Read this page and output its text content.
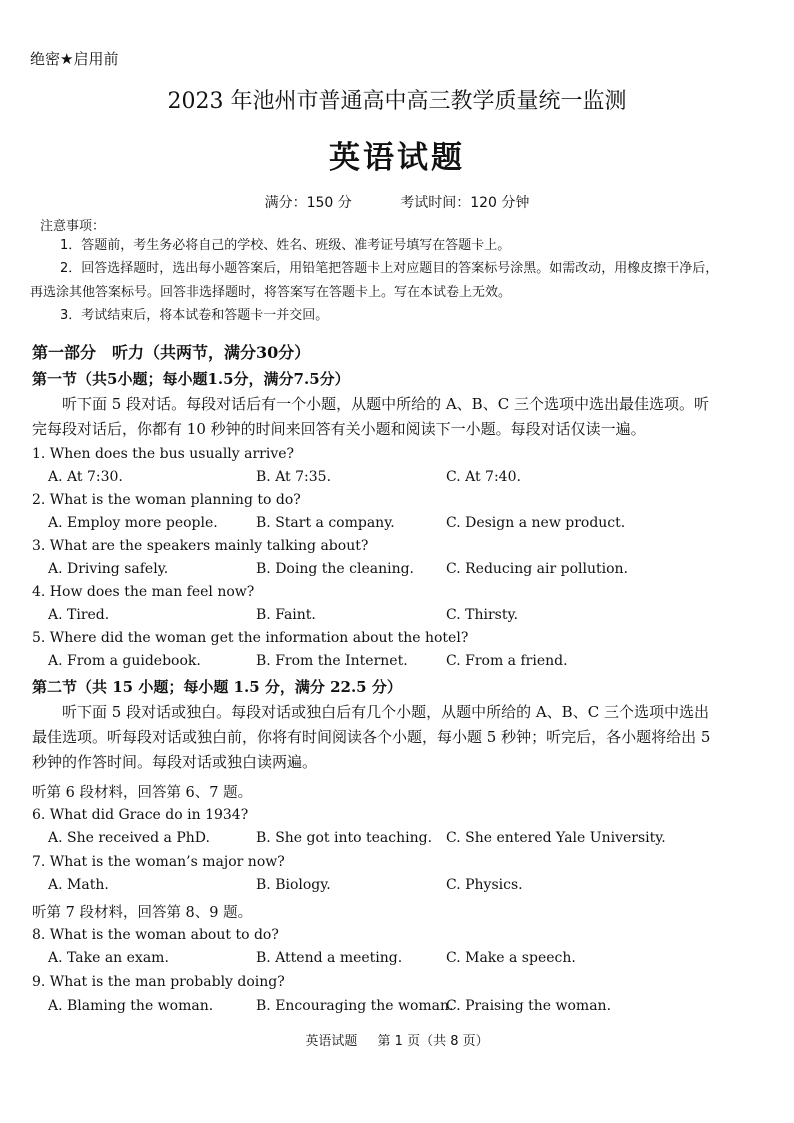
绝密★启用前
2023 年池州市普通高中高三教学质量统一监测
英语试题
满分：150 分	考试时间：120 分钟
注意事项：
1．答题前，考生务必将自己的学校、姓名、班级、准考证号填写在答题卡上。
2．回答选择题时，选出每小题答案后，用铅笔把答题卡上对应题目的答案标号涂黑。如需改动，用橡皮擦干净后，再选涂其他答案标号。回答非选择题时，将答案写在答题卡上。写在本试卷上无效。
3．考试结束后，将本试卷和答题卡一并交回。
第一部分　听力（共两节，满分30分）
第一节（共5小题；每小题1.5分，满分7.5分）
听下面 5 段对话。每段对话后有一个小题，从题中所给的 A、B、C 三个选项中选出最佳选项。听完每段对话后，你都有 10 秒钟的时间来回答有关小题和阅读下一小题。每段对话仅读一遍。
1. When does the bus usually arrive?
A. At 7:30.	B. At 7:35.	C. At 7:40.
2. What is the woman planning to do?
A. Employ more people.	B. Start a company.	C. Design a new product.
3. What are the speakers mainly talking about?
A. Driving safely.	B. Doing the cleaning. C. Reducing air pollution.
4. How does the man feel now?
A. Tired.	B. Faint.	C. Thirsty.
5. Where did the woman get the information about the hotel?
A. From a guidebook.	B. From the Internet.	C. From a friend.
第二节（共 15 小题；每小题 1.5 分，满分 22.5 分）
听下面 5 段对话或独白。每段对话或独白后有几个小题，从题中所给的 A、B、C 三个选项中选出最佳选项。听每段对话或独白前，你将有时间阅读各个小题，每小题 5 秒钟；听完后，各小题将给出 5 秒钟的作答时间。每段对话或独白读两遍。
听第 6 段材料，回答第 6、7 题。
6. What did Grace do in 1934?
A. She received a PhD.	B. She got into teaching. C. She entered Yale University.
7. What is the woman’s major now?
A. Math.	B. Biology.	C. Physics.
听第 7 段材料，回答第 8、9 题。
8. What is the woman about to do?
A. Take an exam.	B. Attend a meeting.	C. Make a speech.
9. What is the man probably doing?
A. Blaming the woman.	B. Encouraging the woman.
C. Praising the woman.
英语试题 第 1 页（共 8 页）
